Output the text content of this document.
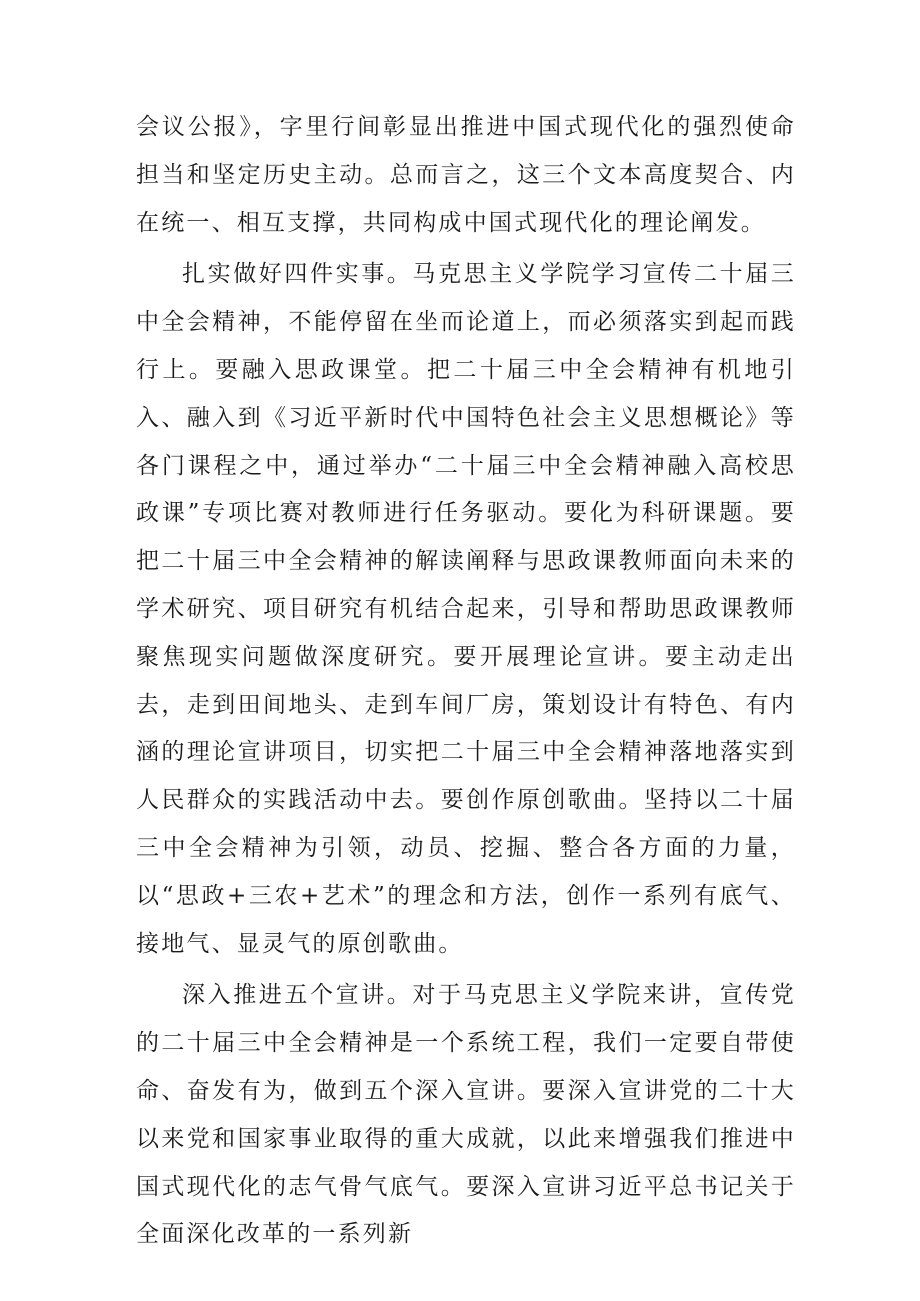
会议公报》，字里行间彰显出推进中国式现代化的强烈使命担当和坚定历史主动。总而言之，这三个文本高度契合、内在统一、相互支撑，共同构成中国式现代化的理论阐发。

扎实做好四件实事。马克思主义学院学习宣传二十届三中全会精神，不能停留在坐而论道上，而必须落实到起而践行上。要融入思政课堂。把二十届三中全会精神有机地引入、融入到《习近平新时代中国特色社会主义思想概论》等各门课程之中，通过举办“二十届三中全会精神融入高校思政课”专项比赛对教师进行任务驱动。要化为科研课题。要把二十届三中全会精神的解读阐释与思政课教师面向未来的学术研究、项目研究有机结合起来，引导和帮助思政课教师聚焦现实问题做深度研究。要开展理论宣讲。要主动走出去，走到田间地头、走到车间厂房，策划设计有特色、有内涵的理论宣讲项目，切实把二十届三中全会精神落地落实到人民群众的实践活动中去。要创作原创歌曲。坚持以二十届三中全会精神为引领，动员、挖掘、整合各方面的力量，以“思政+三农+艺术”的理念和方法，创作一系列有底气、接地气、显灵气的原创歌曲。

深入推进五个宣讲。对于马克思主义学院来讲，宣传党的二十届三中全会精神是一个系统工程，我们一定要自带使命、奋发有为，做到五个深入宣讲。要深入宣讲党的二十大以来党和国家事业取得的重大成就，以此来增强我们推进中国式现代化的志气骨气底气。要深入宣讲习近平总书记关于全面深化改革的一系列新
